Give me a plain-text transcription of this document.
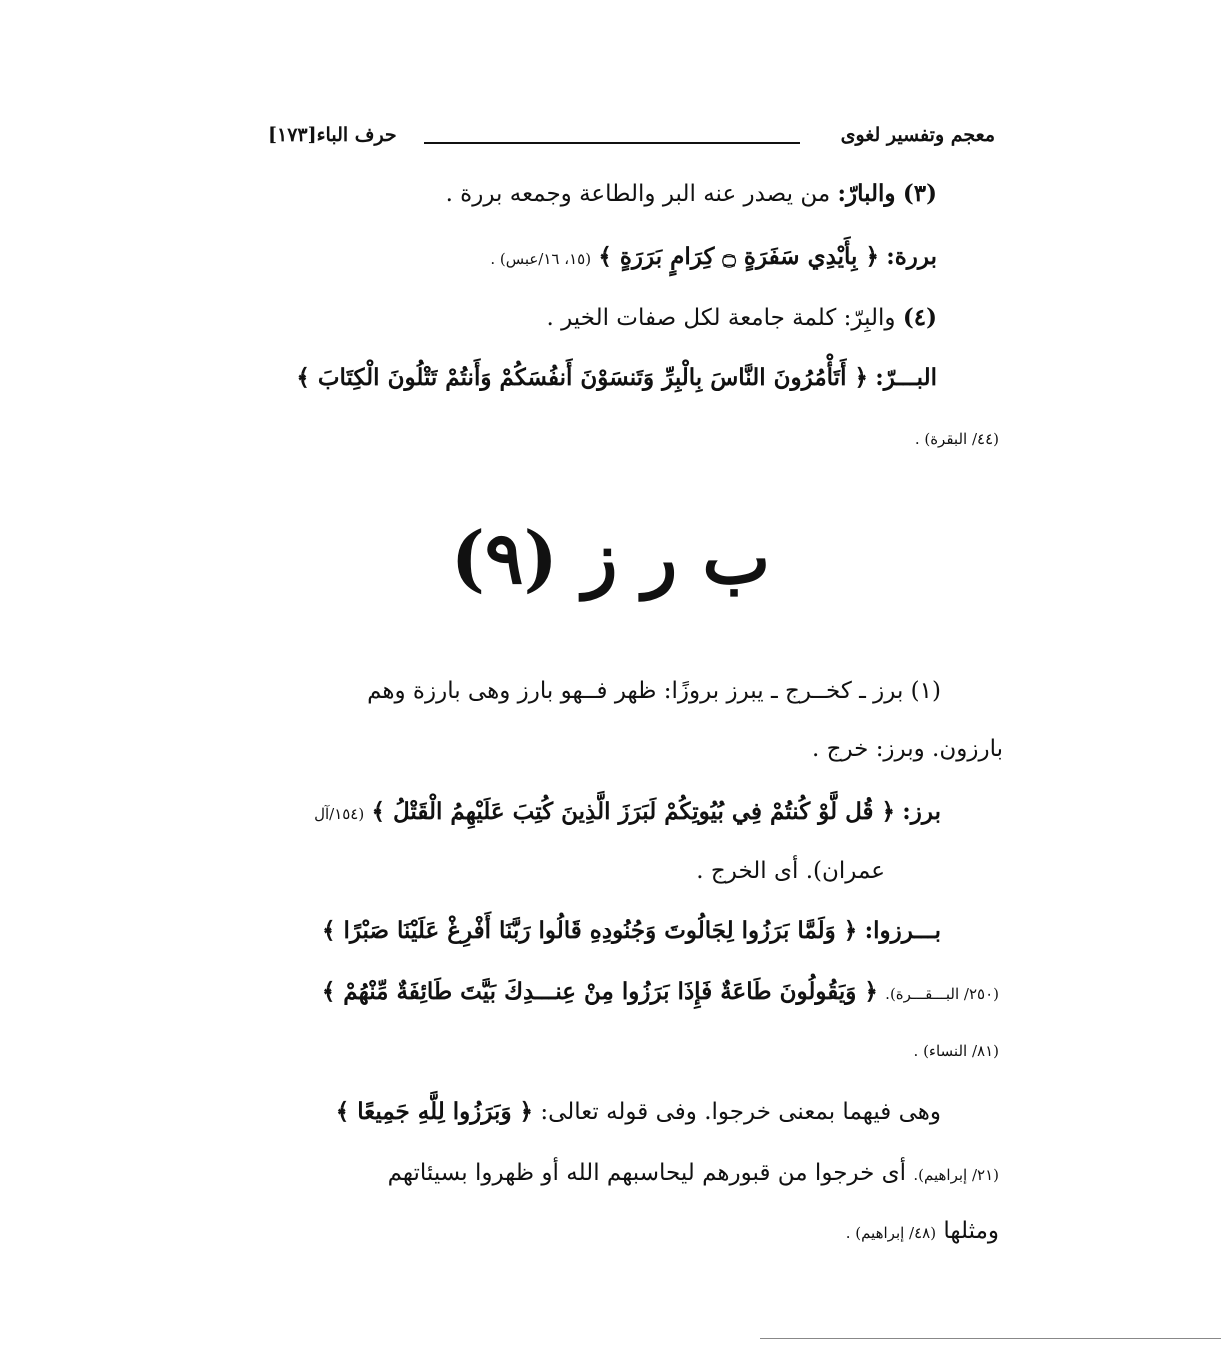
معجم وتفسير لغوى
حرف الباء[١٧٣]
(٣) والبارّ: من يصدر عنه البر والطاعة وجمعه بررة .
بررة: ﴿ بِأَيْدِي سَفَرَةٍ ۝ كِرَامٍ بَرَرَةٍ ﴾ (١٥، ١٦/عبس) .
(٤) والبِرّ: كلمة جامعة لكل صفات الخير .
البـــرّ: ﴿ أَتَأْمُرُونَ النَّاسَ بِالْبِرِّ وَتَنسَوْنَ أَنفُسَكُمْ وَأَنتُمْ تَتْلُونَ الْكِتَابَ ﴾
(٤٤/ البقرة) .
ب ر ز (٩)
(١) برز ـ كخــرج ـ يبرز بروزًا: ظهر فــهو بارز وهى بارزة وهم
بارزون. وبرز: خرج .
برز: ﴿ قُل لَّوْ كُنتُمْ فِي بُيُوتِكُمْ لَبَرَزَ الَّذِينَ كُتِبَ عَلَيْهِمُ الْقَتْلُ ﴾ (١٥٤/آل
عمران). أى الخرج .
بـــرزوا: ﴿ وَلَمَّا بَرَزُوا لِجَالُوتَ وَجُنُودِهِ قَالُوا رَبَّنَا أَفْرِغْ عَلَيْنَا صَبْرًا ﴾
(٢٥٠/ البـــقـــرة). ﴿ وَيَقُولُونَ طَاعَةٌ فَإِذَا بَرَزُوا مِنْ عِنـــدِكَ بَيَّتَ طَائِفَةٌ مِّنْهُمْ ﴾
(٨١/ النساء) .
وهى فيهما بمعنى خرجوا. وفى قوله تعالى: ﴿ وَبَرَزُوا لِلَّهِ جَمِيعًا ﴾
(٢١/ إبراهيم). أى خرجوا من قبورهم ليحاسبهم الله أو ظهروا بسيئاتهم
ومثلها (٤٨/ إبراهيم) .
